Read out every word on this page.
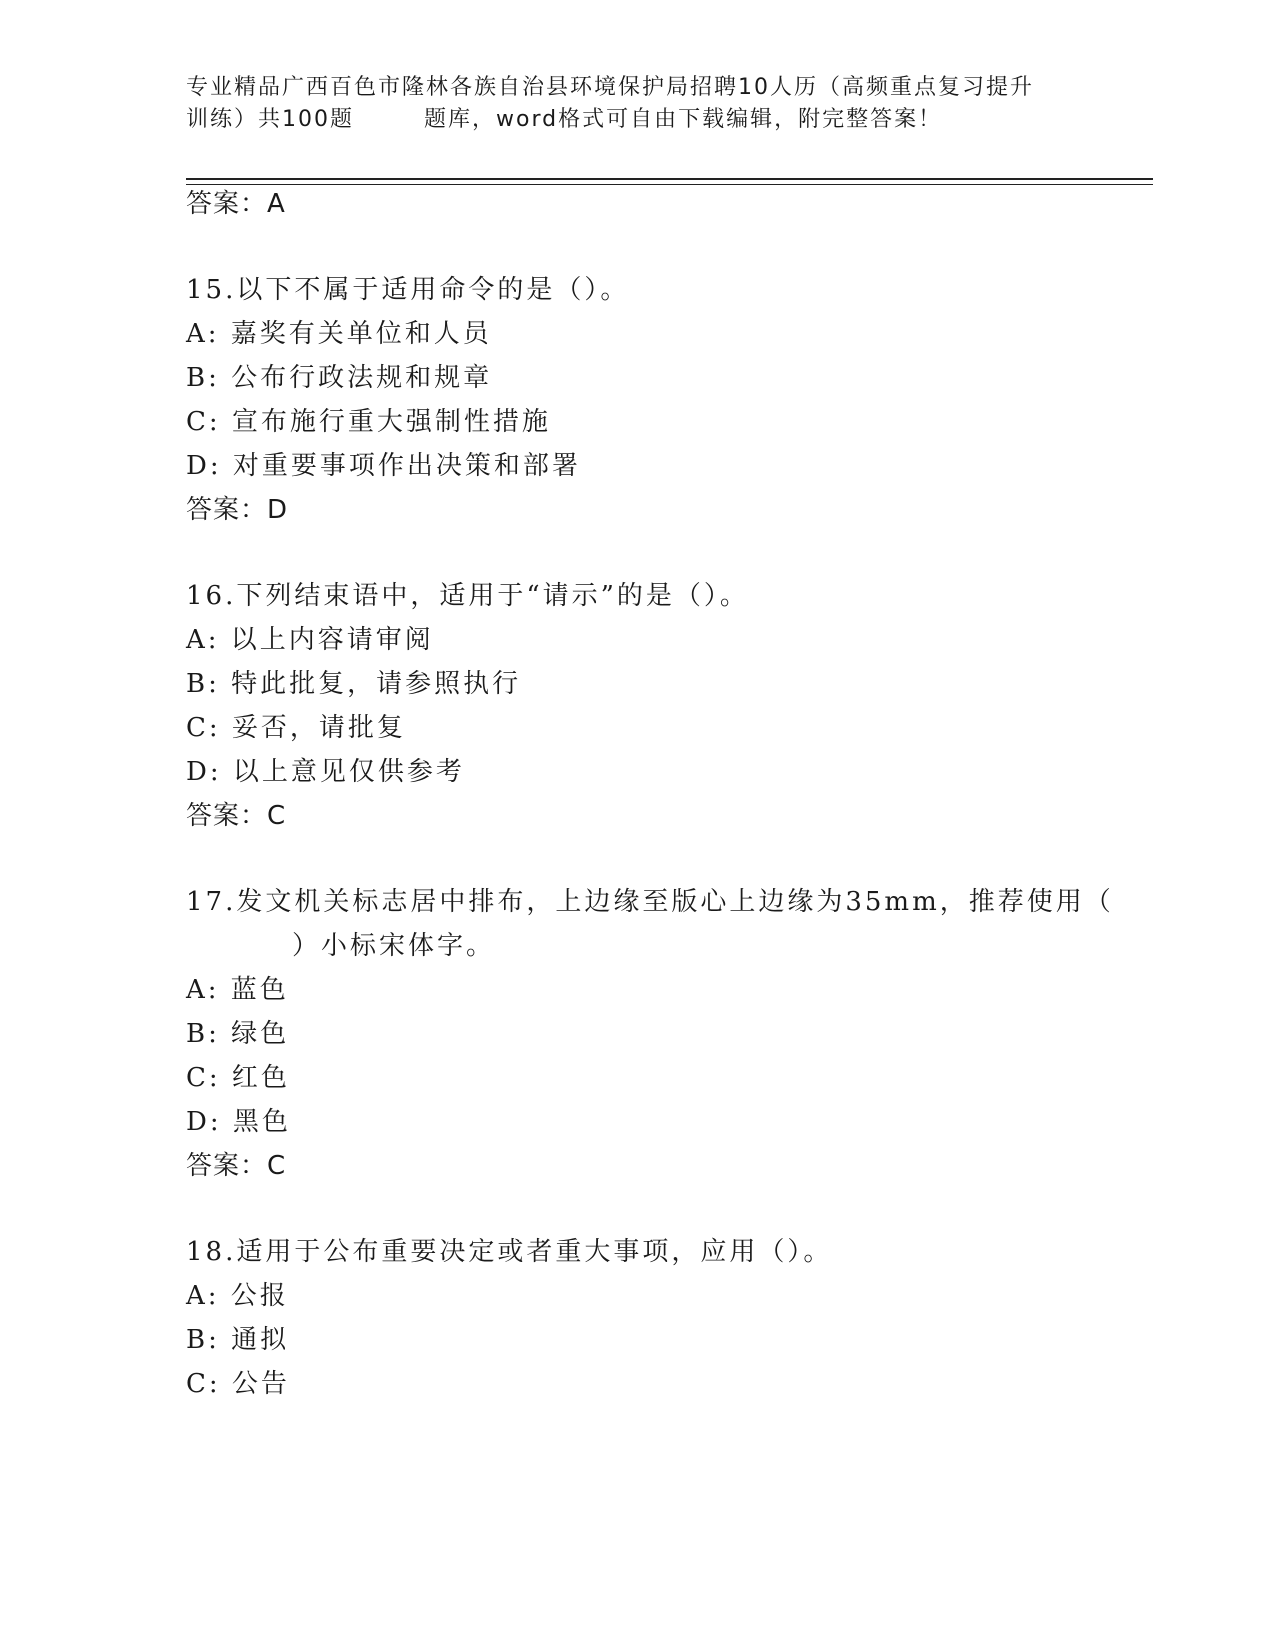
专业精品广西百色市隆林各族自治县环境保护局招聘10人历（高频重点复习提升
训练）共100题	题库，word格式可自由下载编辑，附完整答案！
答案：A
15.以下不属于适用命令的是（）。
A: 嘉奖有关单位和人员
B: 公布行政法规和规章
C: 宣布施行重大强制性措施
D: 对重要事项作出决策和部署
答案：D
16.下列结束语中，适用于“请示”的是（）。
A: 以上内容请审阅
B: 特此批复，请参照执行
C: 妥否，请批复
D: 以上意见仅供参考
答案：C
17.发文机关标志居中排布，上边缘至版心上边缘为35mm，推荐使用（
）小标宋体字。
A: 蓝色
B: 绿色
C: 红色
D: 黑色
答案：C
18.适用于公布重要决定或者重大事项，应用（）。
A: 公报
B: 通拟
C: 公告
